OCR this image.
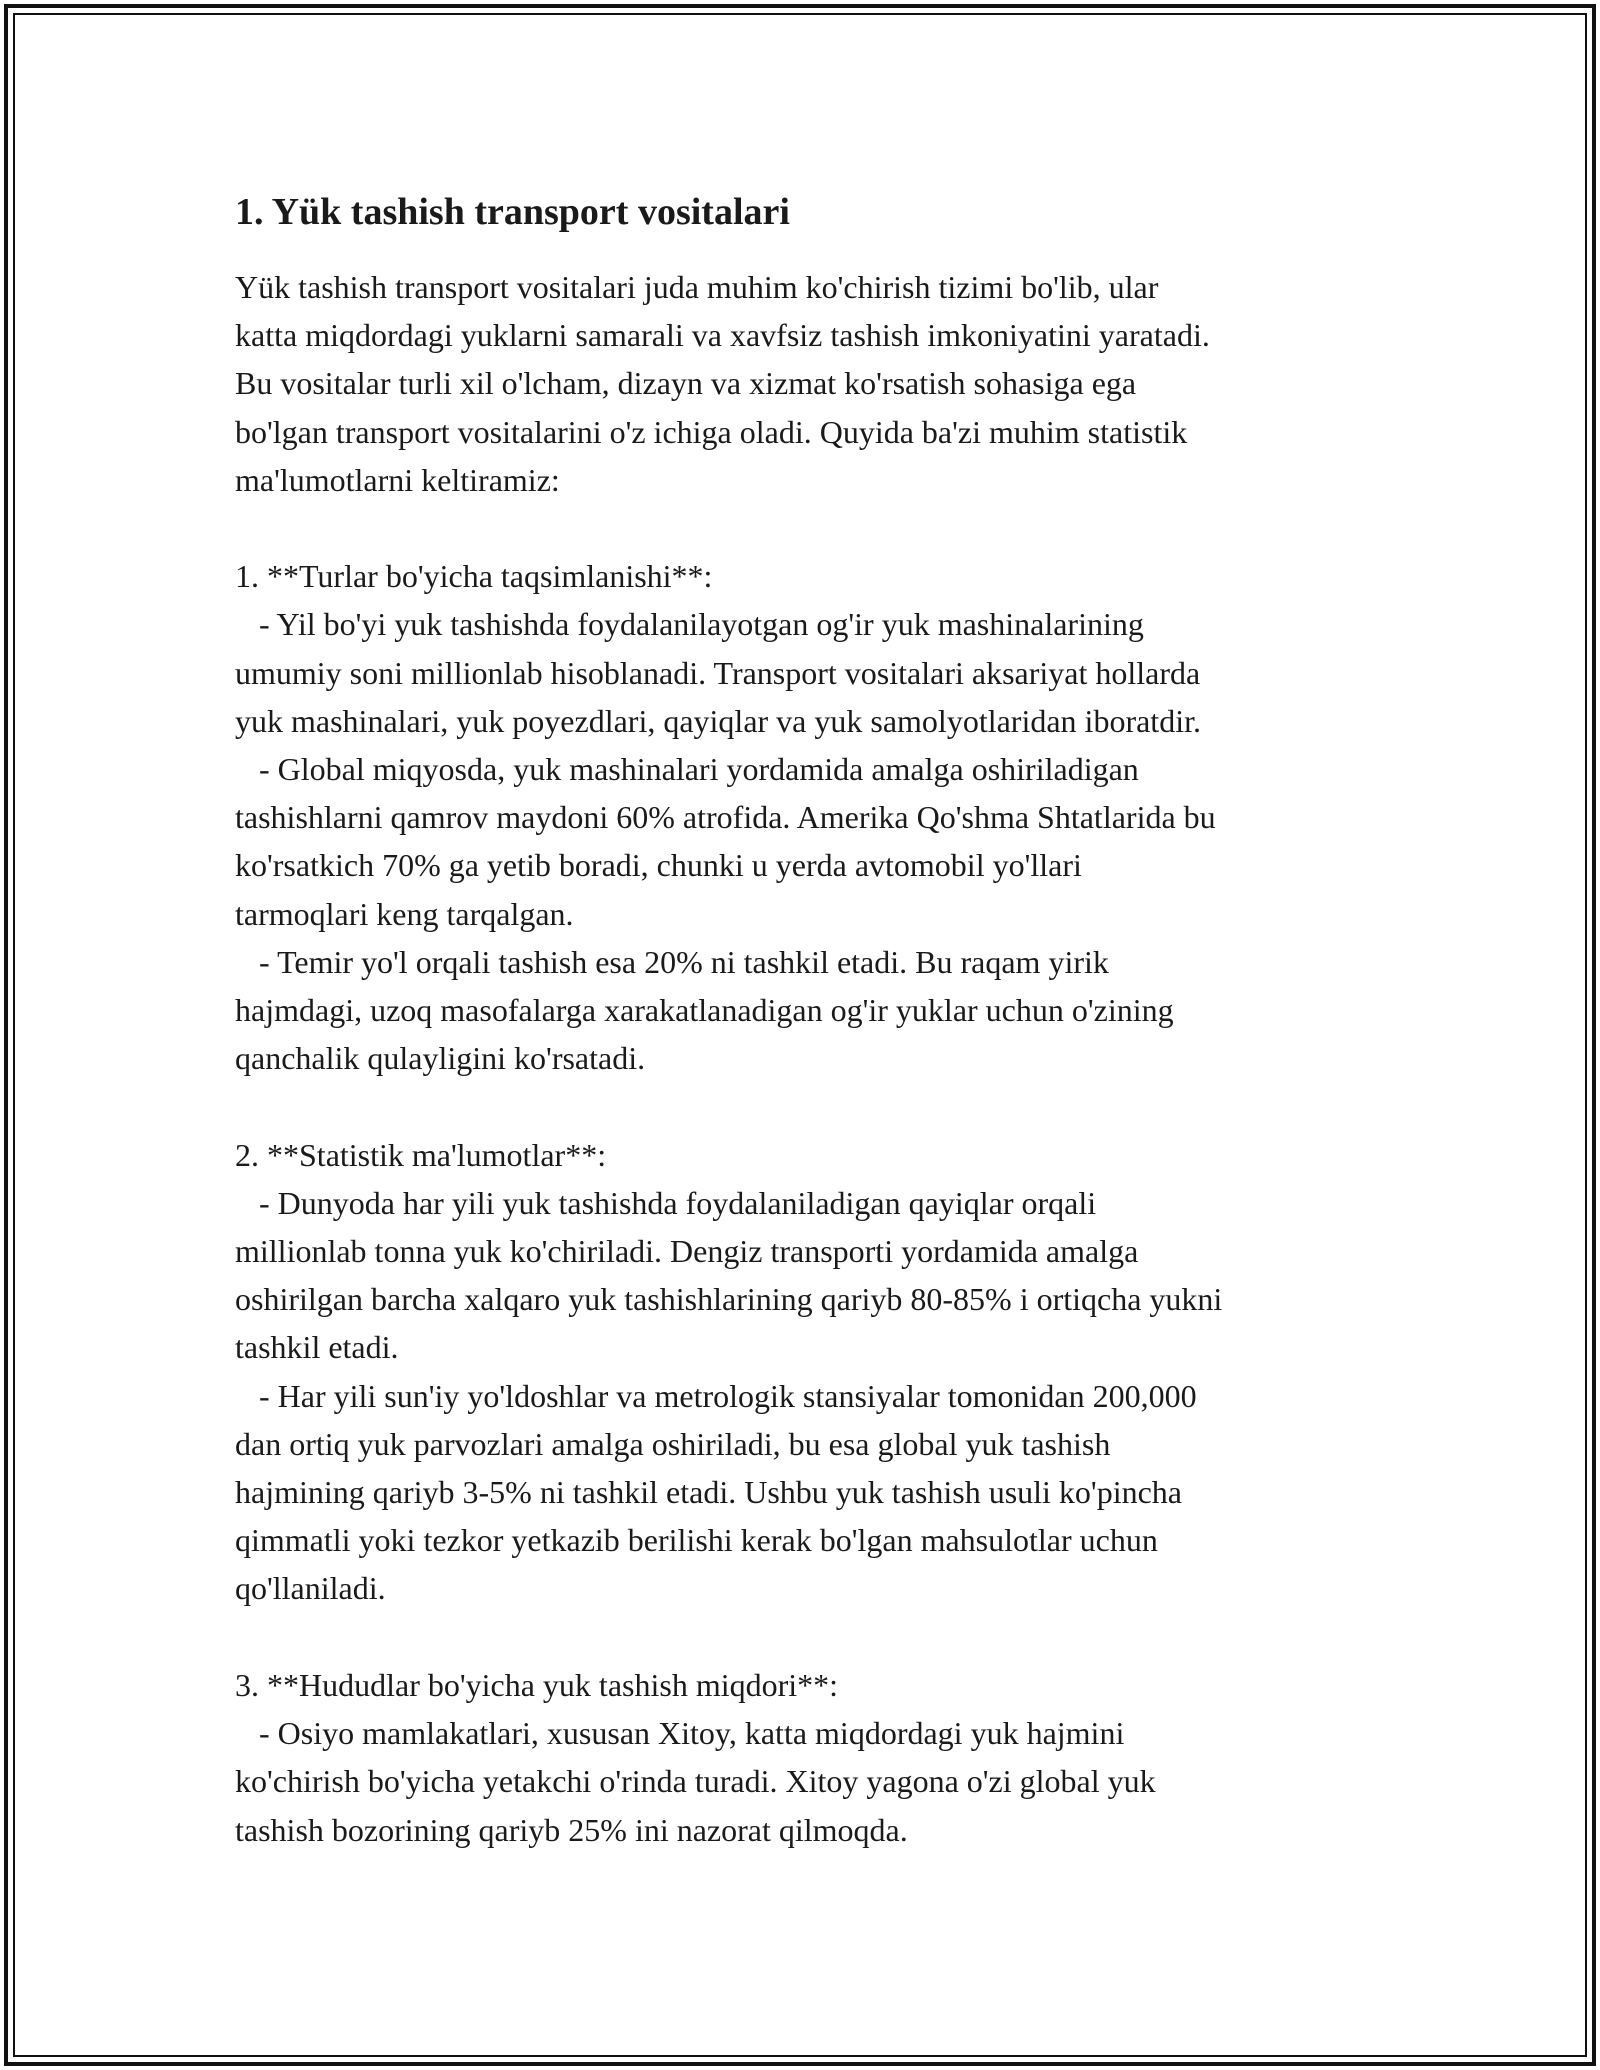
1. Yük tashish transport vositalari

Yük tashish transport vositalari juda muhim ko'chirish tizimi bo'lib, ular
katta miqdordagi yuklarni samarali va xavfsiz tashish imkoniyatini yaratadi.
Bu vositalar turli xil o'lcham, dizayn va xizmat ko'rsatish sohasiga ega
bo'lgan transport vositalarini o'z ichiga oladi. Quyida ba'zi muhim statistik
ma'lumotlarni keltiramiz:

1. **Turlar bo'yicha taqsimlanishi**:
- Yil bo'yi yuk tashishda foydalanilayotgan og'ir yuk mashinalarining
umumiy soni millionlab hisoblanadi. Transport vositalari aksariyat hollarda
yuk mashinalari, yuk poyezdlari, qayiqlar va yuk samolyotlaridan iboratdir.
- Global miqyosda, yuk mashinalari yordamida amalga oshiriladigan
tashishlarni qamrov maydoni 60% atrofida. Amerika Qo'shma Shtatlarida bu
ko'rsatkich 70% ga yetib boradi, chunki u yerda avtomobil yo'llari
tarmoqlari keng tarqalgan.
- Temir yo'l orqali tashish esa 20% ni tashkil etadi. Bu raqam yirik
hajmdagi, uzoq masofalarga xarakatlanadigan og'ir yuklar uchun o'zining
qanchalik qulayligini ko'rsatadi.

2. **Statistik ma'lumotlar**:
- Dunyoda har yili yuk tashishda foydalaniladigan qayiqlar orqali
millionlab tonna yuk ko'chiriladi. Dengiz transporti yordamida amalga
oshirilgan barcha xalqaro yuk tashishlarining qariyb 80-85% i ortiqcha yukni
tashkil etadi.
- Har yili sun'iy yo'ldoshlar va metrologik stansiyalar tomonidan 200,000
dan ortiq yuk parvozlari amalga oshiriladi, bu esa global yuk tashish
hajmining qariyb 3-5% ni tashkil etadi. Ushbu yuk tashish usuli ko'pincha
qimmatli yoki tezkor yetkazib berilishi kerak bo'lgan mahsulotlar uchun
qo'llaniladi.

3. **Hududlar bo'yicha yuk tashish miqdori**:
- Osiyo mamlakatlari, xususan Xitoy, katta miqdordagi yuk hajmini
ko'chirish bo'yicha yetakchi o'rinda turadi. Xitoy yagona o'zi global yuk
tashish bozorining qariyb 25% ini nazorat qilmoqda.
